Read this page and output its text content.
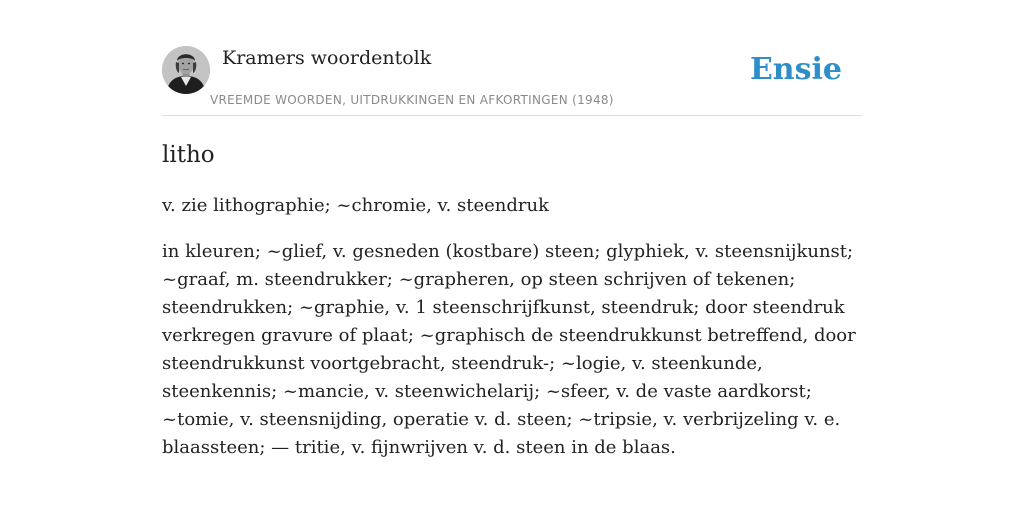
Kramers woordentolk
VREEMDE WOORDEN, UITDRUKKINGEN EN AFKORTINGEN (1948)
Ensie
litho

v. zie lithographie; ~chromie, v. steendruk

in kleuren; ~glief, v. gesneden (kostbare) steen; glyphiek, v. steensnijkunst; ~graaf, m. steendrukker; ~grapheren, op steen schrijven of tekenen; steendrukken; ~graphie, v. 1 steenschrijfkunst, steendruk; door steendruk verkregen gravure of plaat; ~graphisch de steendrukkunst betreffend, door steendrukkunst voortgebracht, steendruk-; ~logie, v. steenkunde, steenkennis; ~mancie, v. steenwichelarij; ~sfeer, v. de vaste aardkorst; ~tomie, v. steensnijding, operatie v. d. steen; ~tripsie, v. verbrijzeling v. e. blaassteen; — tritie, v. fijnwrijven v. d. steen in de blaas.
